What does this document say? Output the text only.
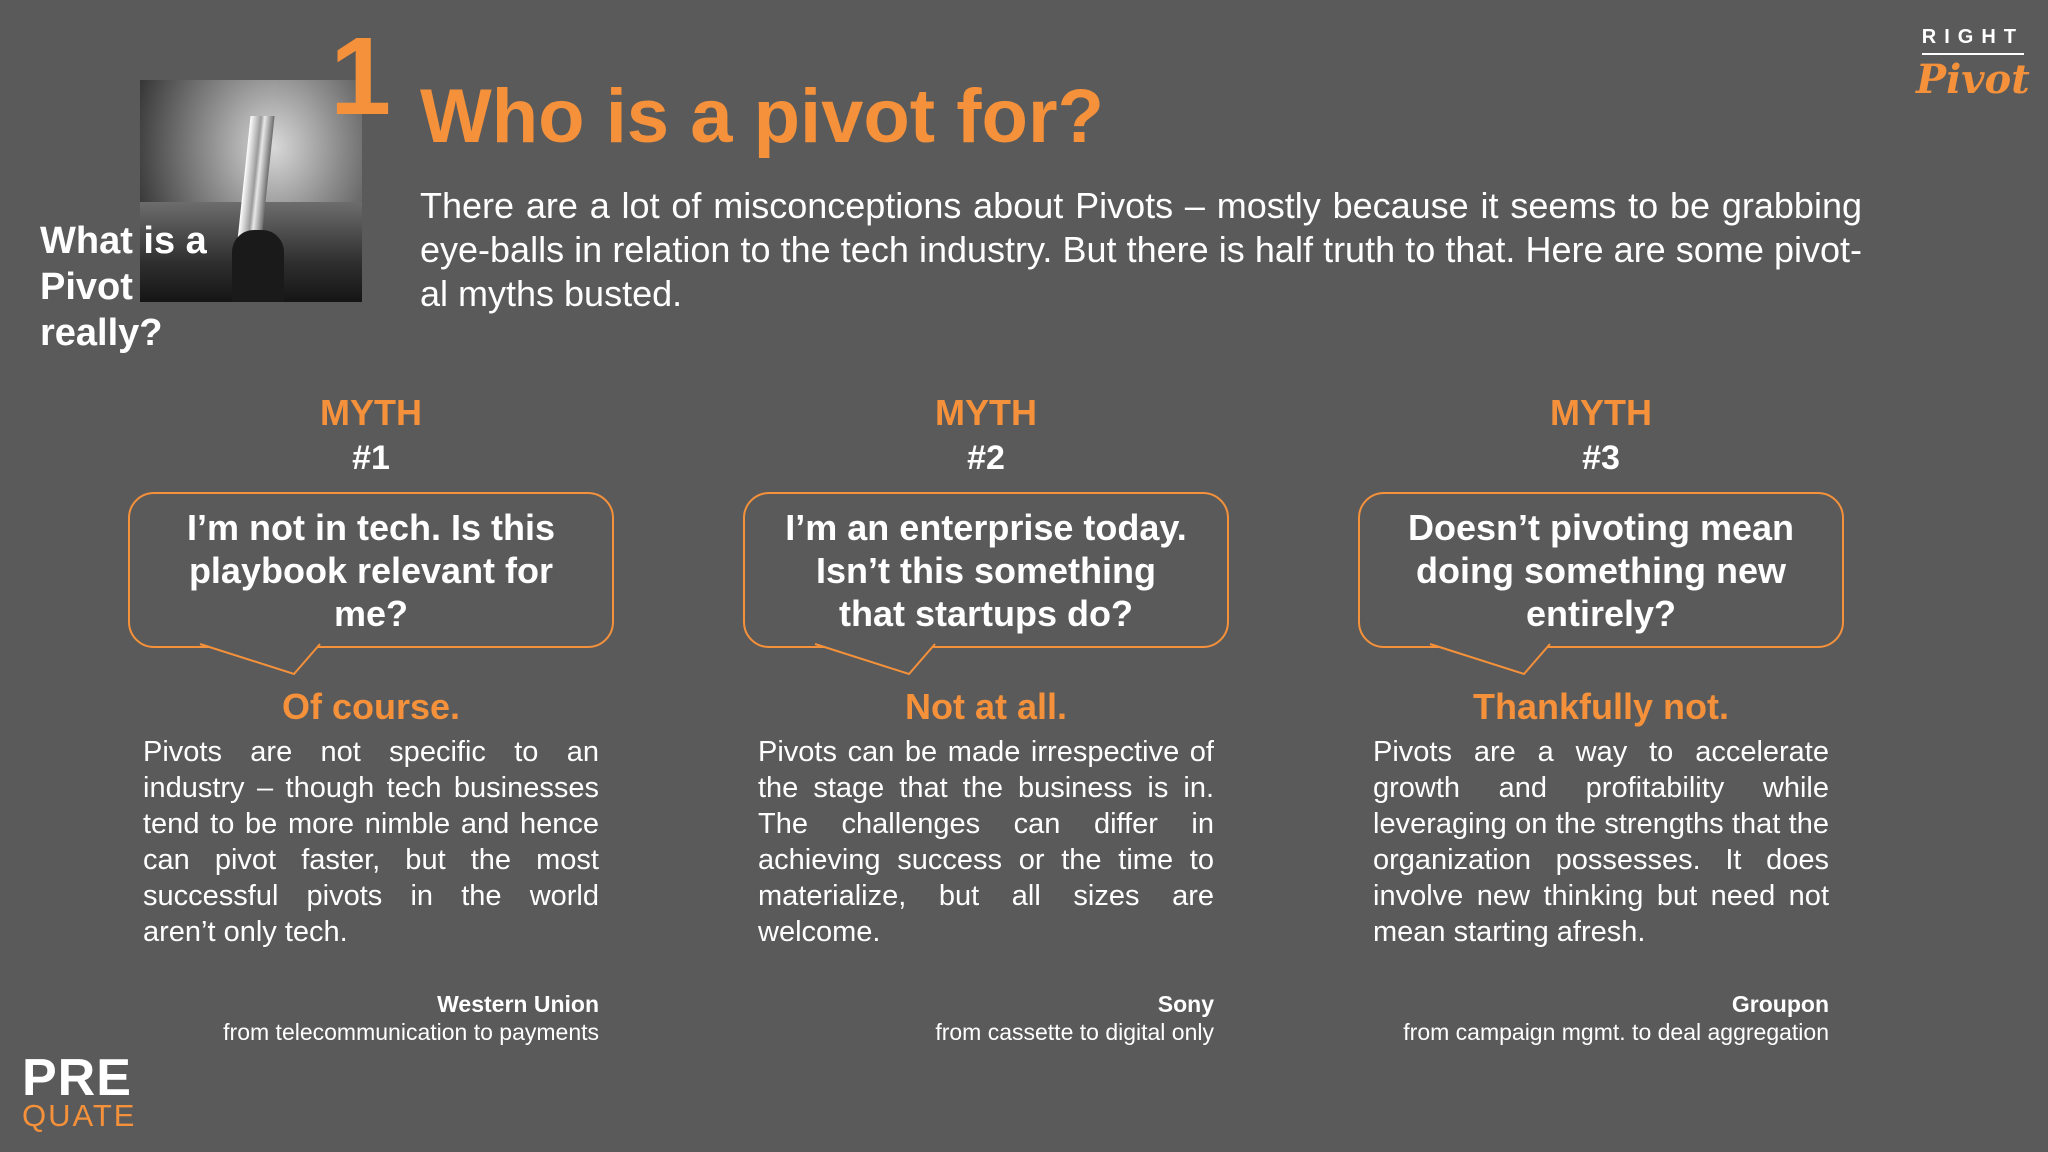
1
What is a Pivot really?
Who is a pivot for?
There are a lot of misconceptions about Pivots – mostly because it seems to be grabbing eye-balls in relation to the tech industry. But there is half truth to that. Here are some pivot-al myths busted.
RIGHT
Pivot
PRE
QUATE
MYTH
#1
I’m not in tech. Is this playbook relevant for me?
Of course.
Pivots are not specific to an industry – though tech businesses tend to be more nimble and hence can pivot faster, but the most successful pivots in the world aren’t only tech.
Western Union
from telecommunication to payments
MYTH
#2
I’m an enterprise today. Isn’t this something that startups do?
Not at all.
Pivots can be made irrespective of the stage that the business is in. The challenges can differ in achieving success or the time to materialize, but all sizes are welcome.
Sony
from cassette to digital only
MYTH
#3
Doesn’t pivoting mean doing something new entirely?
Thankfully not.
Pivots are a way to accelerate growth and profitability while leveraging on the strengths that the organization possesses. It does involve new thinking but need not mean starting afresh.
Groupon
from campaign mgmt. to deal aggregation
